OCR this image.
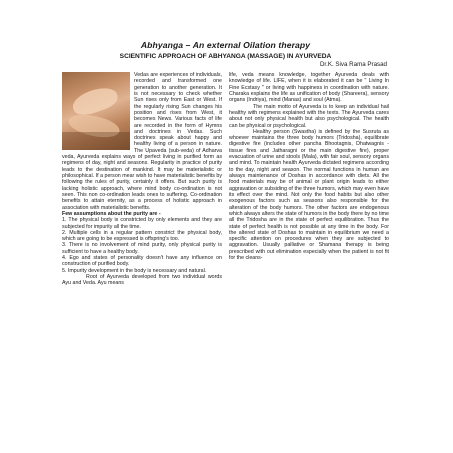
Abhyanga – An external Oilation therapy
SCIENTIFIC APPROACH OF ABHYANGA (MASSAGE) IN AYURVEDA
Dr.K. Siva Rama Prasad

Vedas are experiences of individuals, recorded and transformed one generation to another generation. It is not necessary to check whether Sun rises only from East or West. If the regularly rising Sun changes his position and rises from West, it becomes News. Various facts of life are recorded in the form of Hymns and doctrines in Vedas. Such doctrines speak about happy and healthy living of a person in nature. The Upaveda (sub-veda) of Adharva veda, Ayurveda explains ways of perfect living in purified form as regimens of day, night and seasons. Regularity in practice of purity leads to the destination of mankind. It may be materialistic or philosophical. If a person mear wish to have materialistic benefits by following the rules of purity, certainly it offers. But such purity is lacking holistic approach, where mind body co-ordination is not seen. This non co-ordination leads ones to suffering. Co-ordination benefits to attain eternity, as a process of holistic approach in association with materialistic benefits.

Few assumptions about the purity are -

1. The physical body is constricted by only elements and they are subjected for impurity all the time.

2. Multiple cells in a regular pattern constrict the physical body, which are going to be expressed is offspring's too.

3. There is no involvement of mind purity, only physical purity is sufficient to have a healthy body.

4. Ego and states of personality doesn't have any influence on construction of purified body.

5. Impurity development in the body is necessary and natural.

Root of Ayurveda developed from two individual words Ayu and Veda. Ayu means

life, veda means knowledge, together Ayurveda deals with knowledge of life. LIFE, when it is elaborated it can be " Living In Fine Ecstasy " or living with happiness in coordination with nature. Charaka explains the life as unification of body (Shareera), sensory organs (Indriya), mind (Manas) and soul (Atma).

The main motto of Ayurveda is to keep an individual hail healthy with regimens explained with the texts. The Ayurveda cares about not only physical health but also psychological. The health can be physical or psychological.

Healthy person (Swastha) is defined by the Susruta as whoever maintains the three body humors (Tridosha), equilibrate digestive fire (includes other pancha Bhootagnis, Dhatwagnis - tissue fires and Jatharagni or the main digestive fire), proper evacuation of urine and stools (Mala), with fair soul, sensory organs and mind. To maintain health Ayurveda dictated regimens according to the day, night and season. The normal functions in human are always maintenance of Doshas in accordance with diets. All the food materials may be of animal or plant origin leads to either aggravation or subsiding of the three humors, which may even have its effect over the mind. Not only the food habits but also other exogenous factors such as seasons also responsible for the alteration of the body humors. The other factors are endogenous which always alters the state of humors in the body there by no time all the Tridosha are in the state of perfect equilibration. Thus the state of perfect health is not possible at any time in the body. For the altered state of Doshas to maintain in equilibrium we need a specific attention on procedures when they are subjected to aggravation. Usually palliative or Shamana therapy is being prescribed with out elimination especially when the patient is not fit for the cleans-
